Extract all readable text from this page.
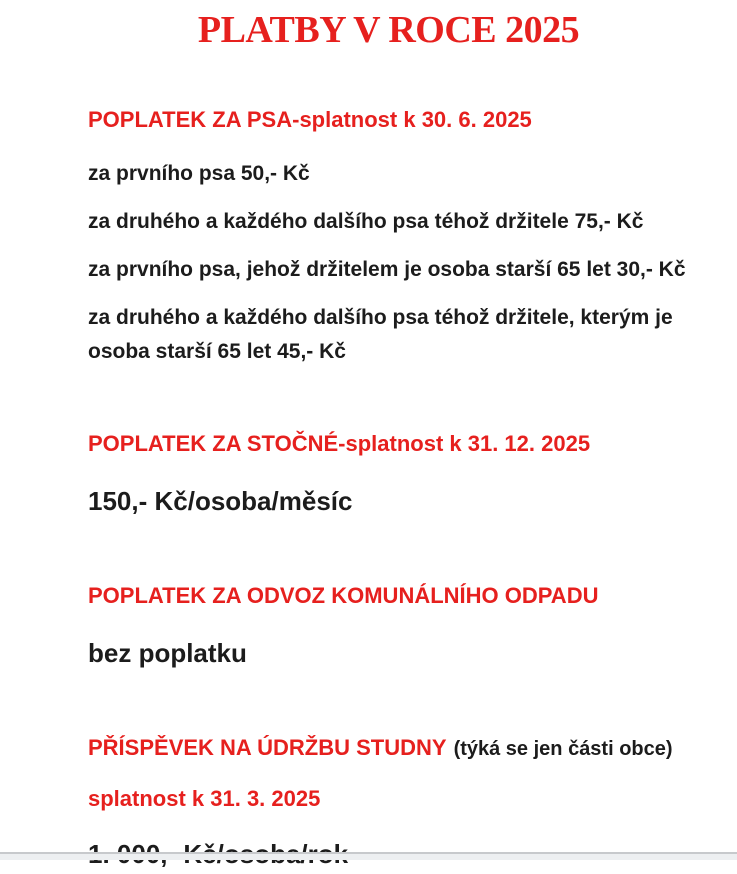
PLATBY V ROCE 2025
POPLATEK ZA PSA-splatnost k 30. 6. 2025

za prvního psa 50,- Kč

za druhého a každého dalšího psa téhož držitele 75,- Kč

za prvního psa, jehož držitelem je osoba starší 65 let 30,- Kč

za druhého a každého dalšího psa téhož držitele, kterým je osoba starší 65 let 45,- Kč

POPLATEK ZA STOČNÉ-splatnost k 31. 12. 2025

150,- Kč/osoba/měsíc

POPLATEK ZA ODVOZ KOMUNÁLNÍHO ODPADU

bez poplatku

PŘÍSPĚVEK NA ÚDRŽBU STUDNY (týká se jen části obce)
splatnost k 31. 3. 2025
